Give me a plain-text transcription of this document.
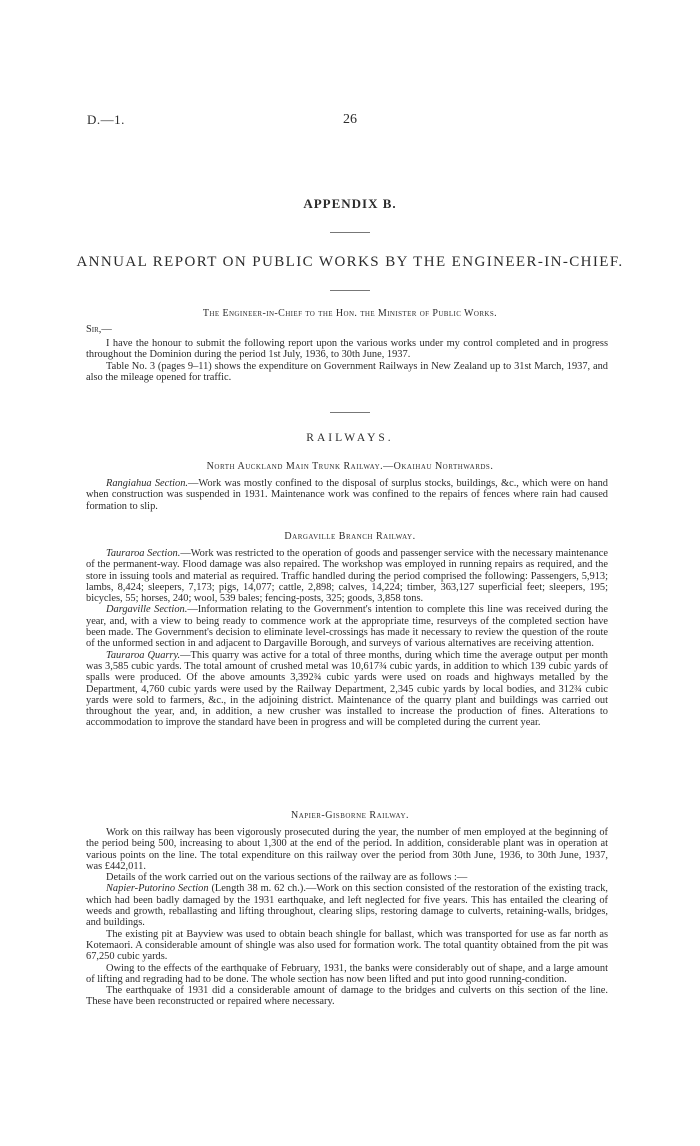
D.—1.	26
APPENDIX B.
ANNUAL REPORT ON PUBLIC WORKS BY THE ENGINEER-IN-CHIEF.
The Engineer-in-Chief to the Hon. the Minister of Public Works.
Sir,—

I have the honour to submit the following report upon the various works under my control completed and in progress throughout the Dominion during the period 1st July, 1936, to 30th June, 1937.

Table No. 3 (pages 9–11) shows the expenditure on Government Railways in New Zealand up to 31st March, 1937, and also the mileage opened for traffic.

RAILWAYS.
North Auckland Main Trunk Railway.—Okaihau Northwards.

Rangiahua Section.—Work was mostly confined to the disposal of surplus stocks, buildings, &c., which were on hand when construction was suspended in 1931. Maintenance work was confined to the repairs of fences where rain had caused formation to slip.

Dargaville Branch Railway.

Tauraroa Section.—Work was restricted to the operation of goods and passenger service with the necessary maintenance of the permanent-way. Flood damage was also repaired. The workshop was employed in running repairs as required, and the store in issuing tools and material as required. Traffic handled during the period comprised the following: Passengers, 5,913; lambs, 8,424; sleepers, 7,173; pigs, 14,077; cattle, 2,898; calves, 14,224; timber, 363,127 superficial feet; sleepers, 195; bicycles, 55; horses, 240; wool, 539 bales; fencing-posts, 325; goods, 3,858 tons.

Dargaville Section.—Information relating to the Government's intention to complete this line was received during the year, and, with a view to being ready to commence work at the appropriate time, resurveys of the completed section have been made. The Government's decision to eliminate level-crossings has made it necessary to review the question of the route of the unformed section in and adjacent to Dargaville Borough, and surveys of various alternatives are receiving attention.

Tauraroa Quarry.—This quarry was active for a total of three months, during which time the average output per month was 3,585 cubic yards. The total amount of crushed metal was 10,617¾ cubic yards, in addition to which 139 cubic yards of spalls were produced. Of the above amounts 3,392¾ cubic yards were used on roads and highways metalled by the Department, 4,760 cubic yards were used by the Railway Department, 2,345 cubic yards by local bodies, and 312¾ cubic yards were sold to farmers, &c., in the adjoining district. Maintenance of the quarry plant and buildings was carried out throughout the year, and, in addition, a new crusher was installed to increase the production of fines. Alterations to accommodation to improve the standard have been in progress and will be completed during the current year.

Napier-Gisborne Railway.

Work on this railway has been vigorously prosecuted during the year, the number of men employed at the beginning of the period being 500, increasing to about 1,300 at the end of the period. In addition, considerable plant was in operation at various points on the line. The total expenditure on this railway over the period from 30th June, 1936, to 30th June, 1937, was £442,011.

Details of the work carried out on the various sections of the railway are as follows :—

Napier-Putorino Section (Length 38 m. 62 ch.).—Work on this section consisted of the restoration of the existing track, which had been badly damaged by the 1931 earthquake, and left neglected for five years. This has entailed the clearing of weeds and growth, reballasting and lifting throughout, clearing slips, restoring damage to culverts, retaining-walls, bridges, and buildings.

The existing pit at Bayview was used to obtain beach shingle for ballast, which was transported for use as far north as Kotemaori. A considerable amount of shingle was also used for formation work. The total quantity obtained from the pit was 67,250 cubic yards.

Owing to the effects of the earthquake of February, 1931, the banks were considerably out of shape, and a large amount of lifting and regrading had to be done. The whole section has now been lifted and put into good running-condition.

The earthquake of 1931 did a considerable amount of damage to the bridges and culverts on this section of the line. These have been reconstructed or repaired where necessary.
